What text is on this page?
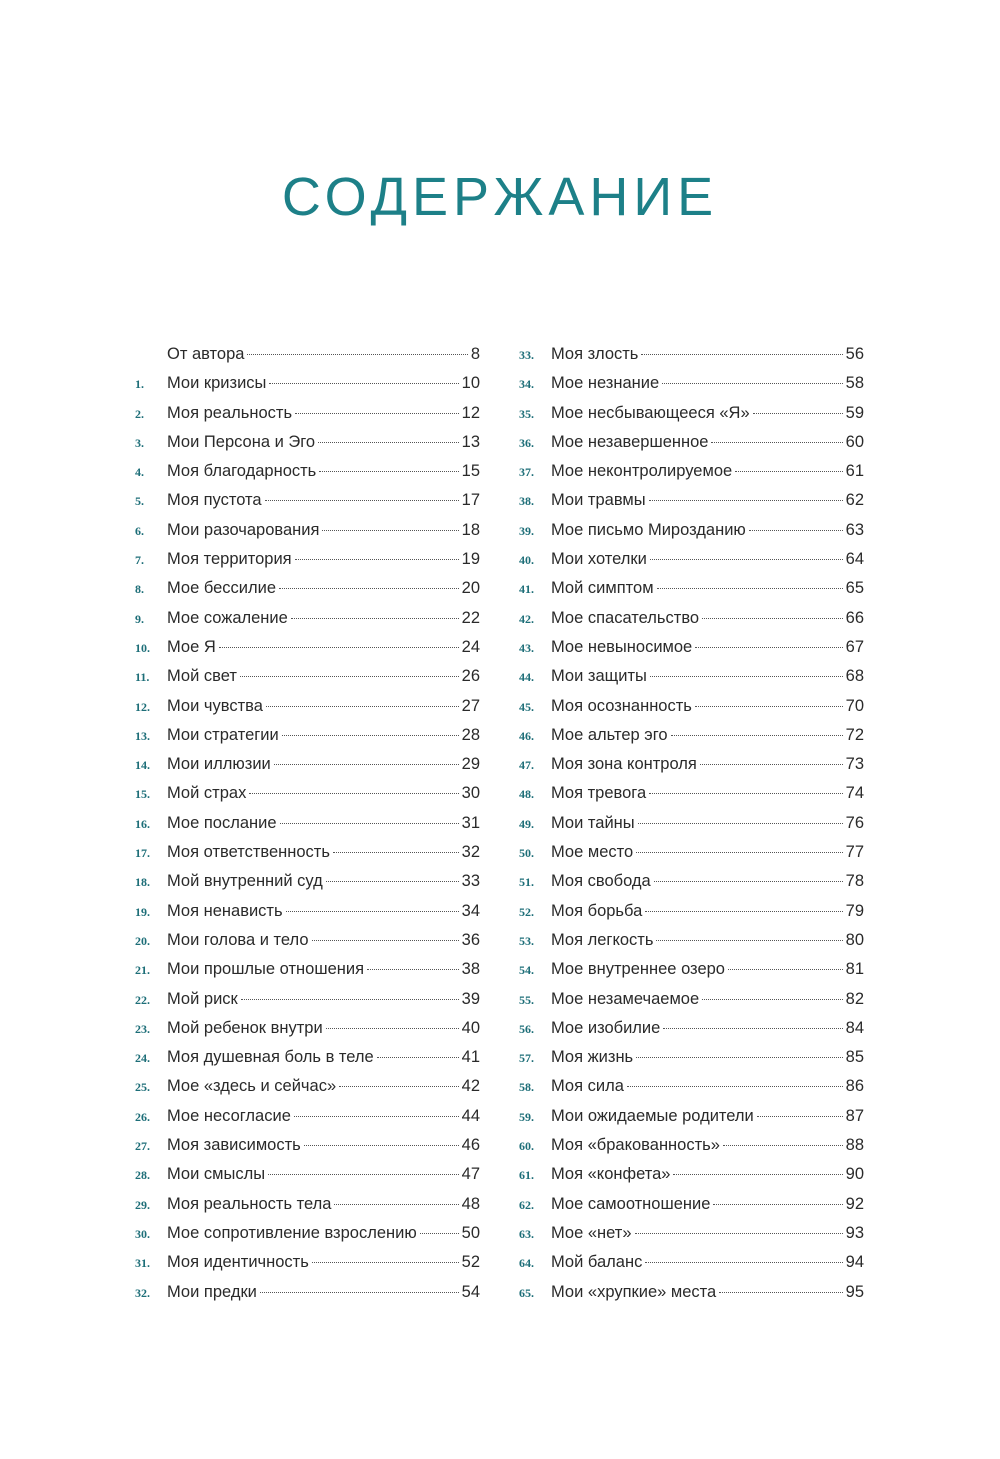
СОДЕРЖАНИЕ
От автора	8
1.	Мои кризисы	10
2.	Моя реальность	12
3.	Мои Персона и Эго	13
4.	Моя благодарность	15
5.	Моя пустота	17
6.	Мои разочарования	18
7.	Моя территория	19
8.	Мое бессилие	20
9.	Мое сожаление	22
10.	Мое Я	24
11.	Мой свет	26
12.	Мои чувства	27
13.	Мои стратегии	28
14.	Мои иллюзии	29
15.	Мой страх	30
16.	Мое послание	31
17.	Моя ответственность	32
18.	Мой внутренний суд	33
19.	Моя ненависть	34
20.	Мои голова и тело	36
21.	Мои прошлые отношения	38
22.	Мой риск	39
23.	Мой ребенок внутри	40
24.	Моя душевная боль в теле	41
25.	Мое «здесь и сейчас»	42
26.	Мое несогласие	44
27.	Моя зависимость	46
28.	Мои смыслы	47
29.	Моя реальность тела	48
30.	Мое сопротивление взрослению	50
31.	Моя идентичность	52
32.	Мои предки	54
33.	Моя злость	56
34.	Мое незнание	58
35.	Мое несбывающееся «Я»	59
36.	Мое незавершенное	60
37.	Мое неконтролируемое	61
38.	Мои травмы	62
39.	Мое письмо Мирозданию	63
40.	Мои хотелки	64
41.	Мой симптом	65
42.	Мое спасательство	66
43.	Мое невыносимое	67
44.	Мои защиты	68
45.	Моя осознанность	70
46.	Мое альтер эго	72
47.	Моя зона контроля	73
48.	Моя тревога	74
49.	Мои тайны	76
50.	Мое место	77
51.	Моя свобода	78
52.	Моя борьба	79
53.	Моя легкость	80
54.	Мое внутреннее озеро	81
55.	Мое незамечаемое	82
56.	Мое изобилие	84
57.	Моя жизнь	85
58.	Моя сила	86
59.	Мои ожидаемые родители	87
60.	Моя «бракованность»	88
61.	Моя «конфета»	90
62.	Мое самоотношение	92
63.	Мое «нет»	93
64.	Мой баланс	94
65.	Мои «хрупкие» места	95
